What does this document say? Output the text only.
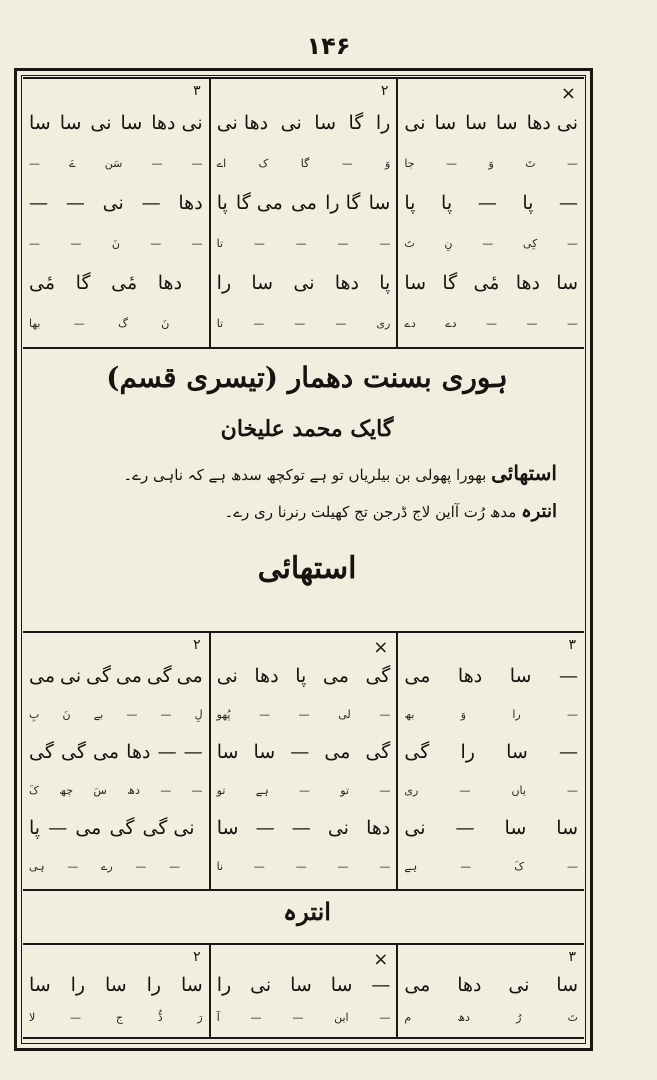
۱۴۶
۳
سا سا نی سا نی دھا
—	ےَ	سَن	—	—
— — نی — دھا
—	—	نَ	—	—
مٔی گا مٔی دھا
بھا	—	گ	نَ
۲
دھا نی نی سا گا را
اے	ک	گا	—	وَ
پا می گا می گا را سا
تا	—	—	—	—
را سا نی دھا پا
تا	—	—	—	ری
×
نی سا سا سا نی دھا
جا	—	وَ	تَ	—
پا پا — پا —
تَ	نِ	—	کِی	—
سا گا مٔی دھا سا
دے	دے	—	—	—
ہوری بسنت دھمار (تیسری قسم)
گایک محمد علیخان
استھائی بھورا پھولی بن بیلریاں تو ہے توکچھ سدھ ہے کہ ناہی رے۔
انترہ مدھ رُت آاین لاج ڈرجن تج کھیلت رنرنا ری رے۔
استھائی
۲
می نی گی می گی می
بِ نَ بے — — لِ
گی گی می دھا — —
کَ چھ سَ دھ — —
پا — می گی نی گی
ہی — رے — —
×
نی دھا پا می گی
پُھو	—	—	لی	—
سا سا — می گی
تو	ہے	—	تو	—
سا — — نی دھا
نا	—	—	—	—
۳
می دھا سا —
بھ	وَ	را	—
گی را سا —
ری	—	یاں	—
نی — سا سا
ہے	—	کَ	—
انترہ
۲
سا را سا را سا
لا	—	ج	ڈُ	رَ
×
را نی سا سا —
آ	—	—	این	—
۳
می دھا نی سا
م	دھ	رُ	تَ
